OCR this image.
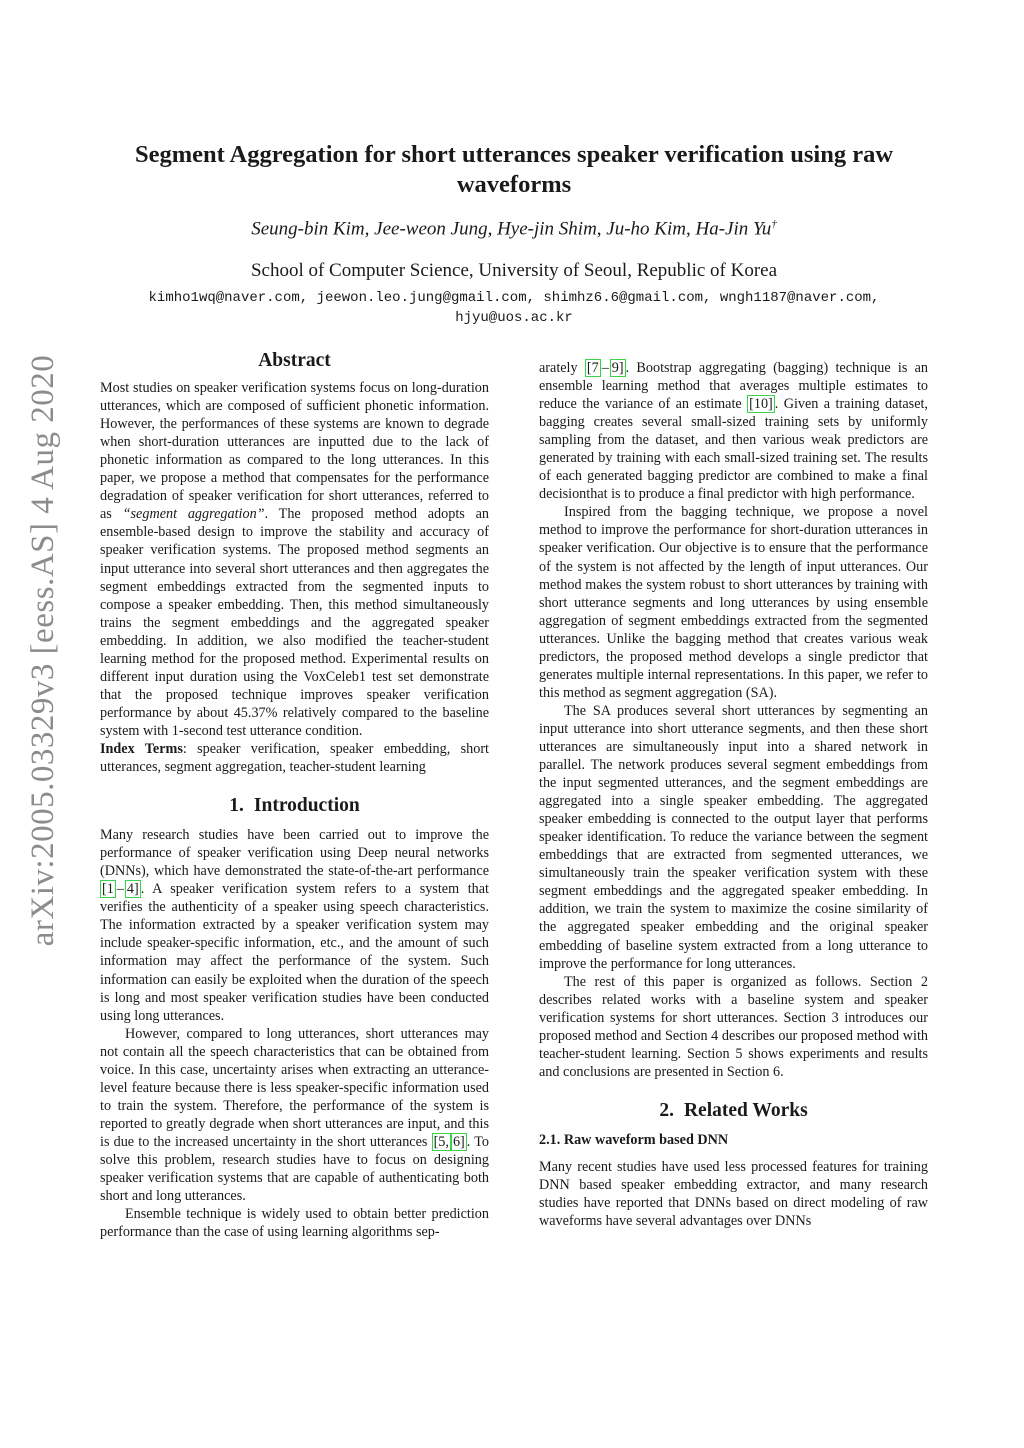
arXiv:2005.03329v3 [eess.AS] 4 Aug 2020
Segment Aggregation for short utterances speaker verification using raw waveforms
Seung-bin Kim, Jee-weon Jung, Hye-jin Shim, Ju-ho Kim, Ha-Jin Yu†
School of Computer Science, University of Seoul, Republic of Korea
kimho1wq@naver.com, jeewon.leo.jung@gmail.com, shimhz6.6@gmail.com, wngh1187@naver.com, hjyu@uos.ac.kr
Abstract

Most studies on speaker verification systems focus on long-duration utterances, which are composed of sufficient phonetic information. However, the performances of these systems are known to degrade when short-duration utterances are inputted due to the lack of phonetic information as compared to the long utterances. In this paper, we propose a method that compensates for the performance degradation of speaker verification for short utterances, referred to as “segment aggregation”. The proposed method adopts an ensemble-based design to improve the stability and accuracy of speaker verification systems. The proposed method segments an input utterance into several short utterances and then aggregates the segment embeddings extracted from the segmented inputs to compose a speaker embedding. Then, this method simultaneously trains the segment embeddings and the aggregated speaker embedding. In addition, we also modified the teacher-student learning method for the proposed method. Experimental results on different input duration using the VoxCeleb1 test set demonstrate that the proposed technique improves speaker verification performance by about 45.37% relatively compared to the baseline system with 1-second test utterance condition.

Index Terms: speaker verification, speaker embedding, short utterances, segment aggregation, teacher-student learning

1. Introduction

Many research studies have been carried out to improve the performance of speaker verification using Deep neural networks (DNNs), which have demonstrated the state-of-the-art performance [1 – 4] . A speaker verification system refers to a system that verifies the authenticity of a speaker using speech characteristics. The information extracted by a speaker verification system may include speaker-specific information, etc., and the amount of such information may affect the performance of the system. Such information can easily be exploited when the duration of the speech is long and most speaker verification studies have been conducted using long utterances.

However, compared to long utterances, short utterances may not contain all the speech characteristics that can be obtained from voice. In this case, uncertainty arises when extracting an utterance-level feature because there is less speaker-specific information used to train the system. Therefore, the performance of the system is reported to greatly degrade when short utterances are input, and this is due to the increased uncertainty in the short utterances [5, 6] . To solve this problem, research studies have to focus on designing speaker verification systems that are capable of authenticating both short and long utterances.

Ensemble technique is widely used to obtain better prediction performance than the case of using learning algorithms sep-

arately [7 – 9] . Bootstrap aggregating (bagging) technique is an ensemble learning method that averages multiple estimates to reduce the variance of an estimate [10] . Given a training dataset, bagging creates several small-sized training sets by uniformly sampling from the dataset, and then various weak predictors are generated by training with each small-sized training set. The results of each generated bagging predictor are combined to make a final decisionthat is to produce a final predictor with high performance.

Inspired from the bagging technique, we propose a novel method to improve the performance for short-duration utterances in speaker verification. Our objective is to ensure that the performance of the system is not affected by the length of input utterances. Our method makes the system robust to short utterances by training with short utterance segments and long utterances by using ensemble aggregation of segment embeddings extracted from the segmented utterances. Unlike the bagging method that creates various weak predictors, the proposed method develops a single predictor that generates multiple internal representations. In this paper, we refer to this method as segment aggregation (SA).

The SA produces several short utterances by segmenting an input utterance into short utterance segments, and then these short utterances are simultaneously input into a shared network in parallel. The network produces several segment embeddings from the input segmented utterances, and the segment embeddings are aggregated into a single speaker embedding. The aggregated speaker embedding is connected to the output layer that performs speaker identification. To reduce the variance between the segment embeddings that are extracted from segmented utterances, we simultaneously train the speaker verification system with these segment embeddings and the aggregated speaker embedding. In addition, we train the system to maximize the cosine similarity of the aggregated speaker embedding and the original speaker embedding of baseline system extracted from a long utterance to improve the performance for long utterances.

The rest of this paper is organized as follows. Section 2 describes related works with a baseline system and speaker verification systems for short utterances. Section 3 introduces our proposed method and Section 4 describes our proposed method with teacher-student learning. Section 5 shows experiments and results and conclusions are presented in Section 6.

2. Related Works
2.1. Raw waveform based DNN

Many recent studies have used less processed features for training DNN based speaker embedding extractor, and many research studies have reported that DNNs based on direct modeling of raw waveforms have several advantages over DNNs
